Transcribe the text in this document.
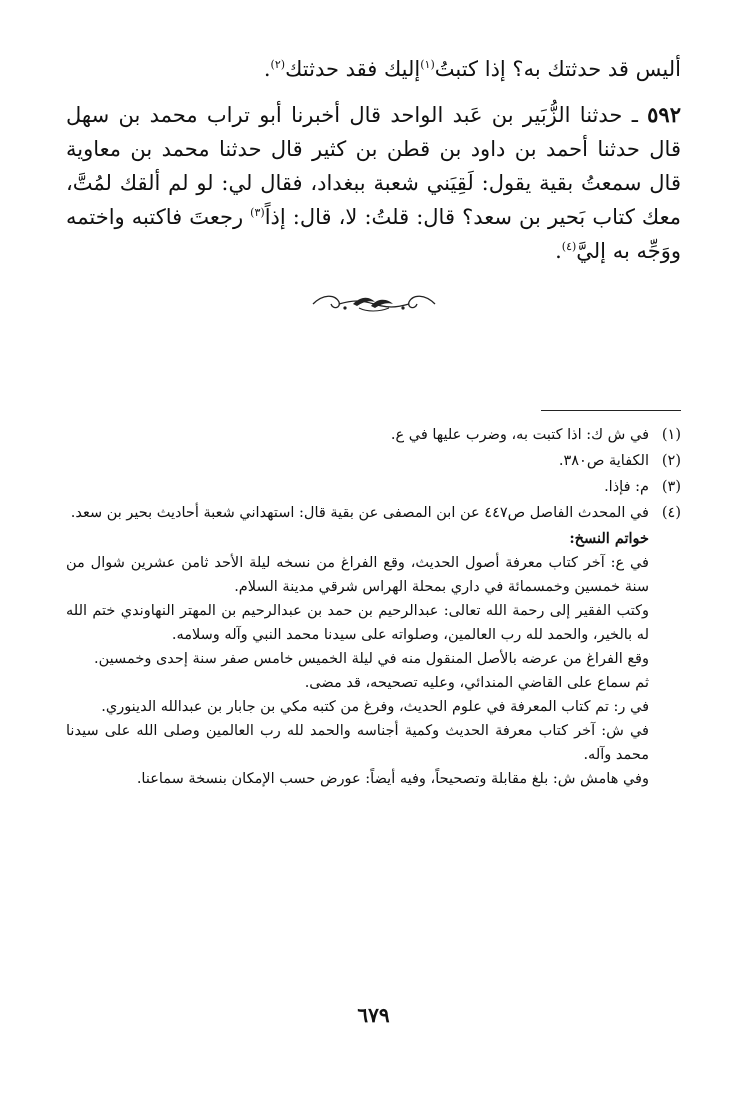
أليس قد حدثتك به؟ إذا كتبتُ$^{(١)}$إليك فقد حدثتك$^{(٢)}$.

٥٩٢ ـ حدثنا الزُّبَير بن عَبد الواحد قال أخبرنا أبو تراب محمد بن سهل قال حدثنا أحمد بن داود بن قطن بن كثير قال حدثنا محمد بن معاوية قال سمعتُ بقية يقول: لَقِيَني شعبة ببغداد، فقال لي: لو لم ألقك لمُتَّ، معك كتاب بَحير بن سعد؟ قال: قلتُ: لا، قال: إذاً$^{(٣)}$ رجعتَ فاكتبه واختمه ووَجِّه به إليَّ$^{(٤)}$.

(١)
في ش ك: اذا كتبت به، وضرب عليها في ع.
(٢)
الكفاية ص٣٨٠.
(٣)
م: فإذا.
(٤)
في المحدث الفاصل ص٤٤٧ عن ابن المصفى عن بقية قال: استهداني شعبة أحاديث بحير بن سعد.

خواتم النسخ:

في ع: آخر كتاب معرفة أصول الحديث، وقع الفراغ من نسخه ليلة الأحد ثامن عشرين شوال من سنة خمسين وخمسمائة في داري بمحلة الهراس شرقي مدينة السلام.

وكتب الفقير إلى رحمة الله تعالى: عبدالرحيم بن حمد بن عبدالرحيم بن المهتر النهاوندي ختم الله له بالخير، والحمد لله رب العالمين، وصلواته على سيدنا محمد النبي وآله وسلامه.

وقع الفراغ من عرضه بالأصل المنقول منه في ليلة الخميس خامس صفر سنة إحدى وخمسين.

ثم سماع على القاضي المندائي، وعليه تصحيحه، قد مضى.

في ر: تم كتاب المعرفة في علوم الحديث، وفرغ من كتبه مكي بن جابار بن عبدالله الدينوري.

في ش: آخر كتاب معرفة الحديث وكمية أجناسه والحمد لله رب العالمين وصلى الله على سيدنا محمد وآله.

وفي هامش ش: بلغ مقابلة وتصحيحاً، وفيه أيضاً: عورض حسب الإمكان بنسخة سماعنا.

٦٧٩
